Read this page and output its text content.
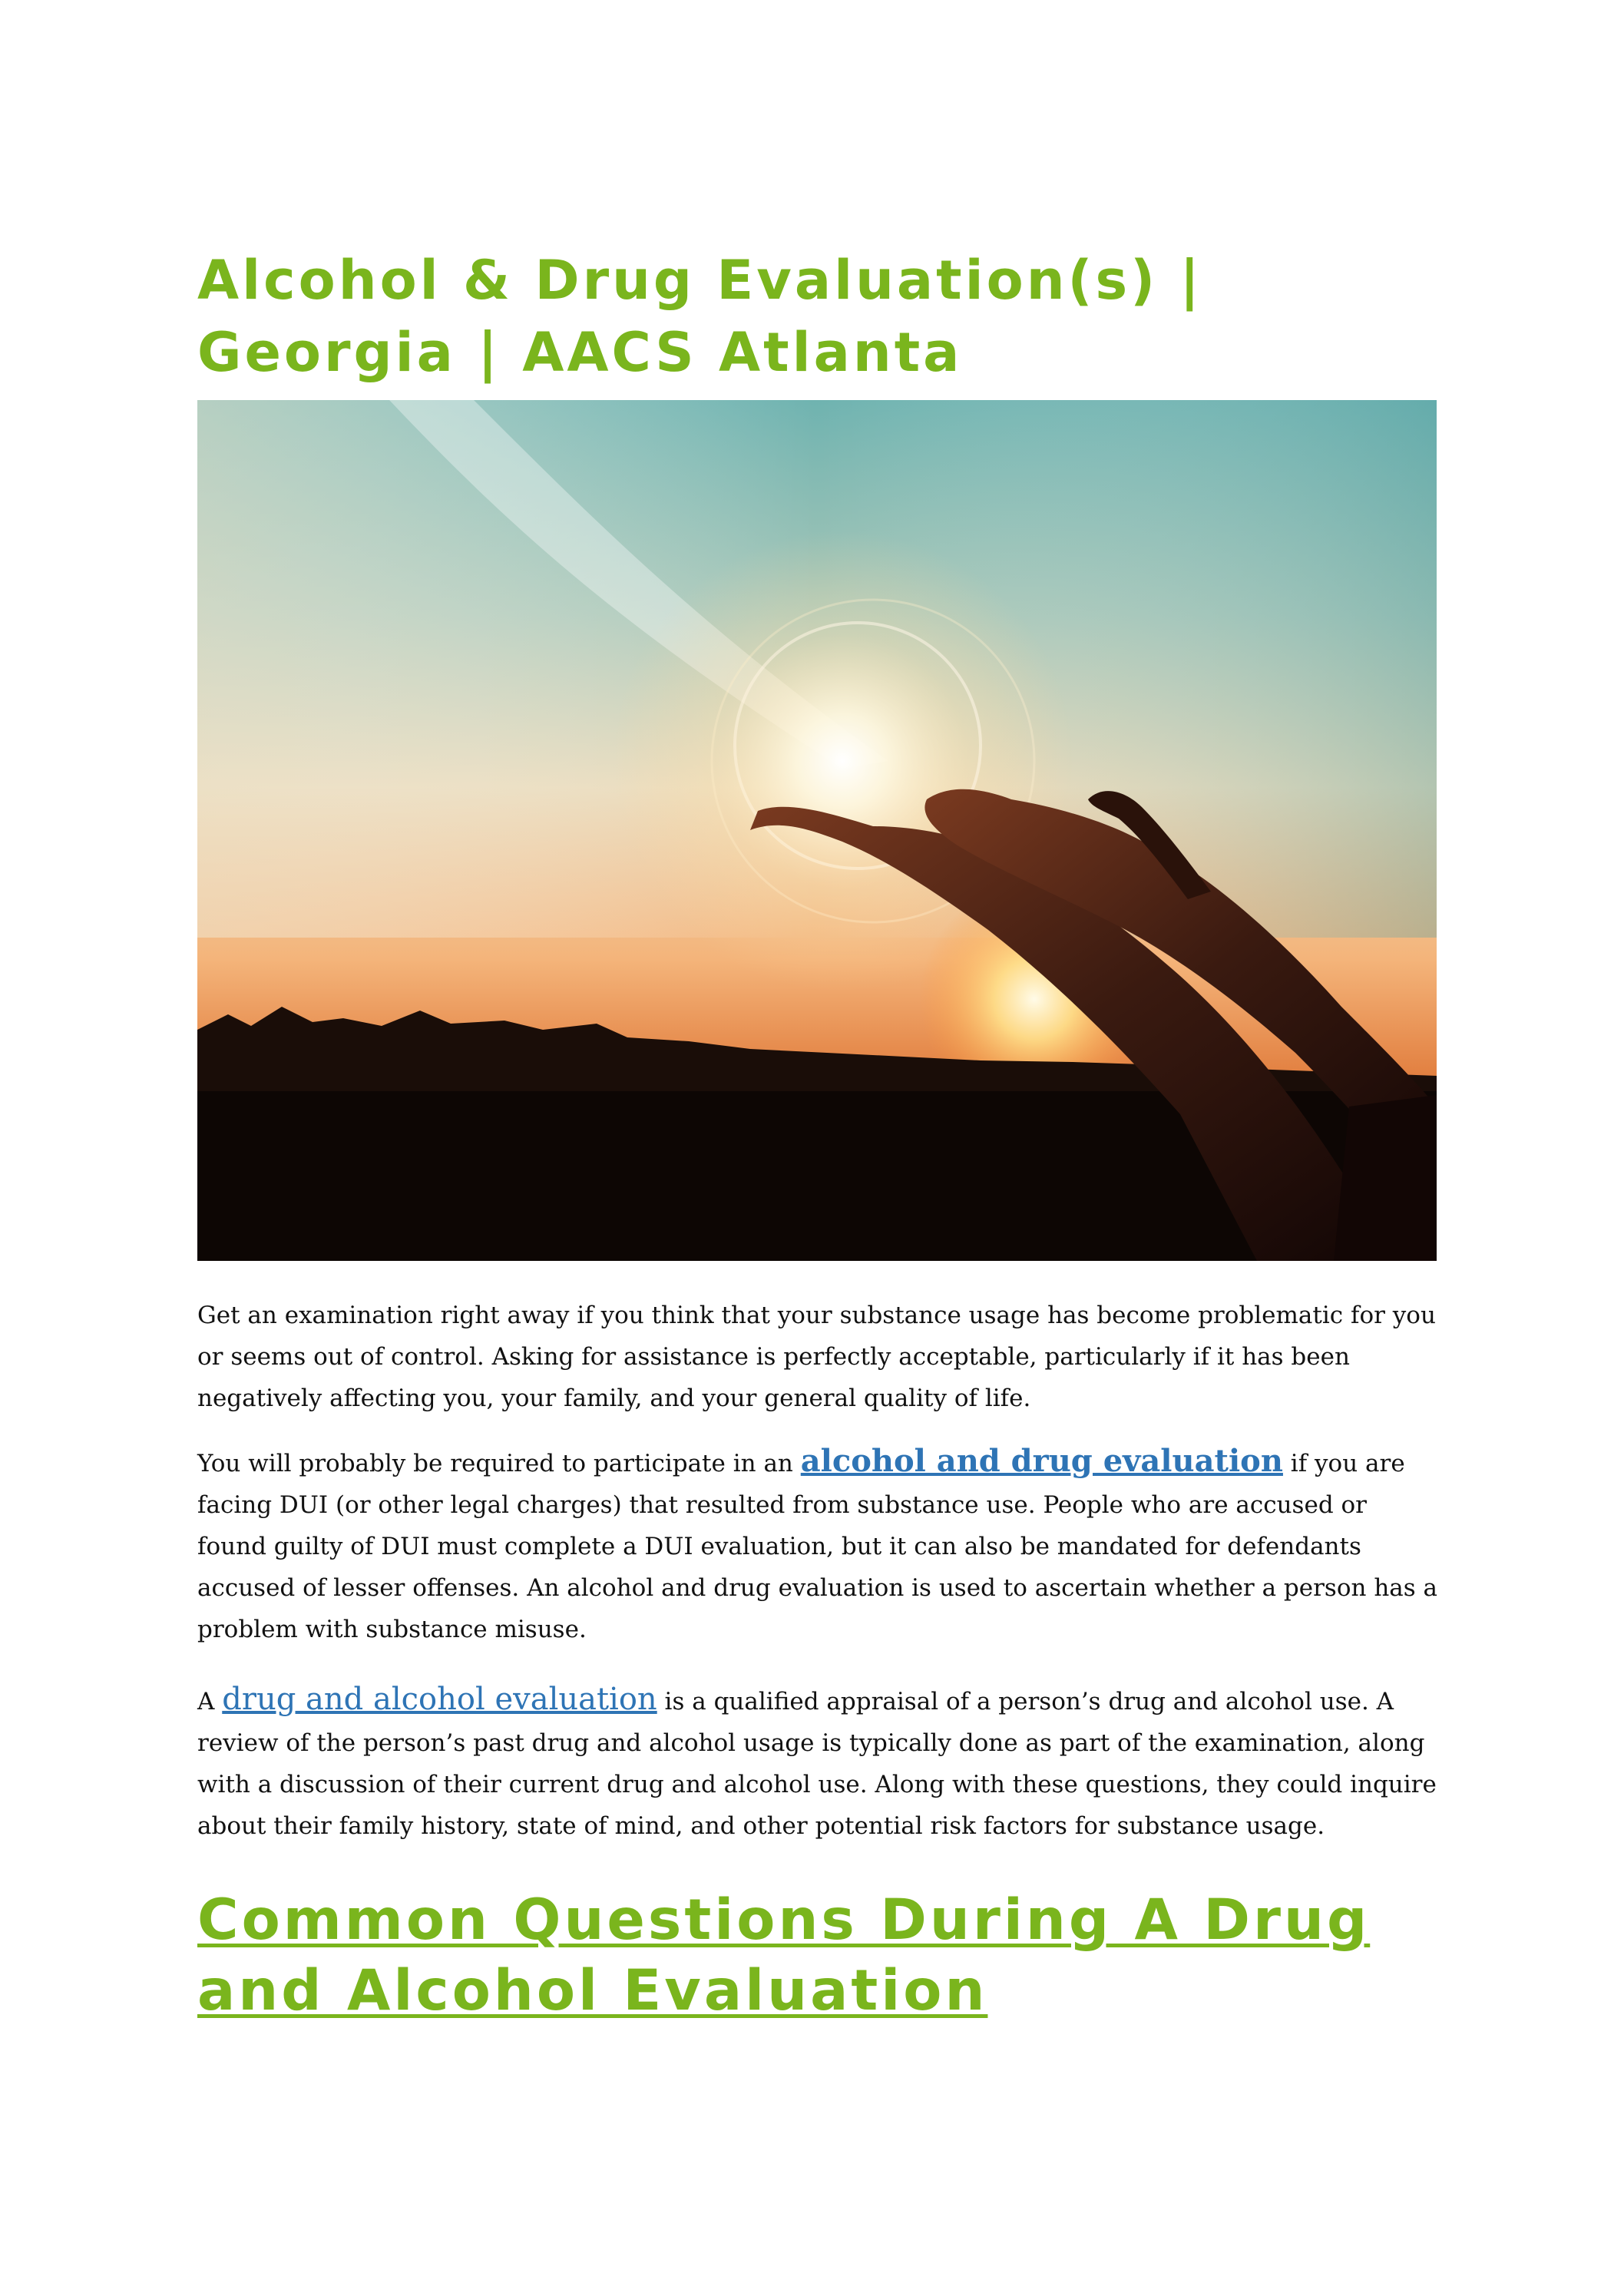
Alcohol & Drug Evaluation(s) | Georgia | AACS Atlanta

Get an examination right away if you think that your substance usage has become problematic for you or seems out of control. Asking for assistance is perfectly acceptable, particularly if it has been negatively affecting you, your family, and your general quality of life.

You will probably be required to participate in an alcohol and drug evaluation if you are facing DUI (or other legal charges) that resulted from substance use. People who are accused or found guilty of DUI must complete a DUI evaluation, but it can also be mandated for defendants accused of lesser offenses. An alcohol and drug evaluation is used to ascertain whether a person has a problem with substance misuse.

A drug and alcohol evaluation is a qualified appraisal of a person’s drug and alcohol use. A review of the person’s past drug and alcohol usage is typically done as part of the examination, along with a discussion of their current drug and alcohol use. Along with these questions, they could inquire about their family history, state of mind, and other potential risk factors for substance usage.

Common Questions During A Drug and Alcohol Evaluation
